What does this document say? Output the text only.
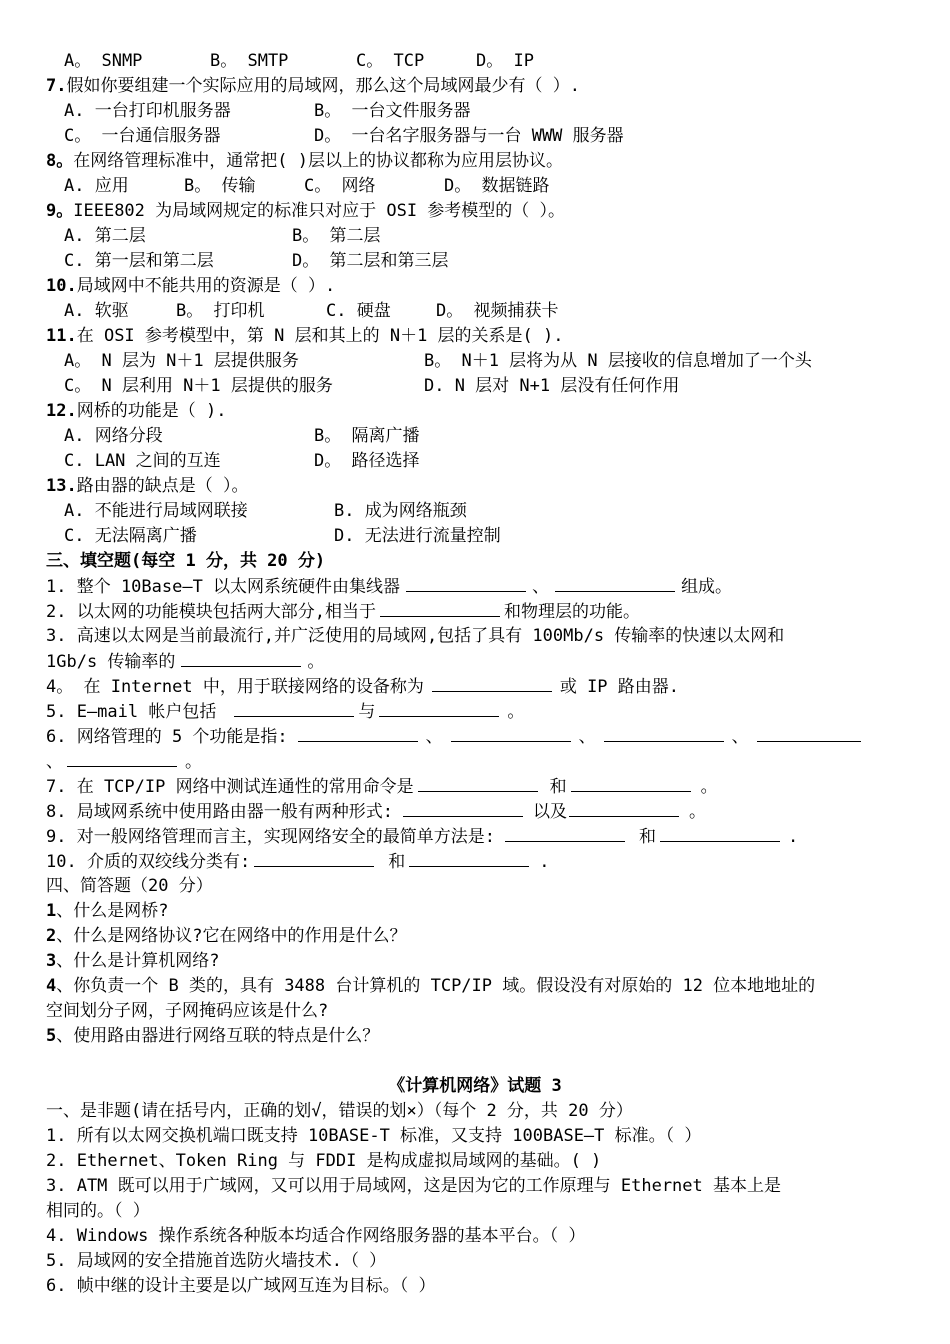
A。 SNMP	B。 SMTP	C。 TCP	D。 IP
7.假如你要组建一个实际应用的局域网，那么这个局域网最少有（ ）.
A. 一台打印机服务器	B。 一台文件服务器
C。 一台通信服务器	D。 一台名字服务器与一台 WWW 服务器
8。在网络管理标准中，通常把( )层以上的协议都称为应用层协议。
A. 应用	B。 传输	C。 网络	D。 数据链路
9。IEEE802 为局域网规定的标准只对应于 OSI 参考模型的（ ）。
A. 第二层	B。 第二层
C. 第一层和第二层	D。 第二层和第三层
10.局域网中不能共用的资源是（ ）.
A. 软驱	B。 打印机	C. 硬盘	D。 视频捕获卡
11.在 OSI 参考模型中，第 N 层和其上的 N＋1 层的关系是( ).
A。 N 层为 N＋1 层提供服务	B。 N＋1 层将为从 N 层接收的信息增加了一个头
C。 N 层利用 N＋1 层提供的服务	D. N 层对 N+1 层没有任何作用
12.网桥的功能是（ ).
A. 网络分段	B。 隔离广播
C. LAN 之间的互连	D。 路径选择
13.路由器的缺点是（ ）。
A. 不能进行局域网联接	B. 成为网络瓶颈
C. 无法隔离广播	D. 无法进行流量控制
三、填空题(每空 1 分，共 20 分)
1. 整个 10Base—T 以太网系统硬件由集线器	、	组成。
2. 以太网的功能模块包括两大部分,相当于	和物理层的功能。
3. 高速以太网是当前最流行,并广泛使用的局域网,包括了具有 100Mb/s 传输率的快速以太网和
1Gb/s 传输率的	。
4。 在 Internet 中，用于联接网络的设备称为	或 IP 路由器.
5. E—mail 帐户包括	与	。
6. 网络管理的 5 个功能是指:	、	、	、
、	。
7. 在 TCP/IP 网络中测试连通性的常用命令是	和	。
8. 局域网系统中使用路由器一般有两种形式:	以及	。
9. 对一般网络管理而言主，实现网络安全的最简单方法是:	和	.
10. 介质的双绞线分类有:	和	.
四、简答题（20 分）
1、什么是网桥?
2、什么是网络协议?它在网络中的作用是什么？
3、什么是计算机网络?
4、你负责一个 B 类的，具有 3488 台计算机的 TCP/IP 域。假设没有对原始的 12 位本地地址的
空间划分子网，子网掩码应该是什么?
5、使用路由器进行网络互联的特点是什么？
《计算机网络》试题 3
一、是非题(请在括号内，正确的划√，错误的划×）（每个 2 分，共 20 分）
1. 所有以太网交换机端口既支持 10BASE-T 标准，又支持 100BASE—T 标准。（ ）
2. Ethernet、Token Ring 与 FDDI 是构成虚拟局域网的基础。( )
3. ATM 既可以用于广域网，又可以用于局域网，这是因为它的工作原理与 Ethernet 基本上是
相同的。（ ）
4. Windows 操作系统各种版本均适合作网络服务器的基本平台。（ ）
5. 局域网的安全措施首选防火墙技术.（ ）
6. 帧中继的设计主要是以广域网互连为目标。（ ）
